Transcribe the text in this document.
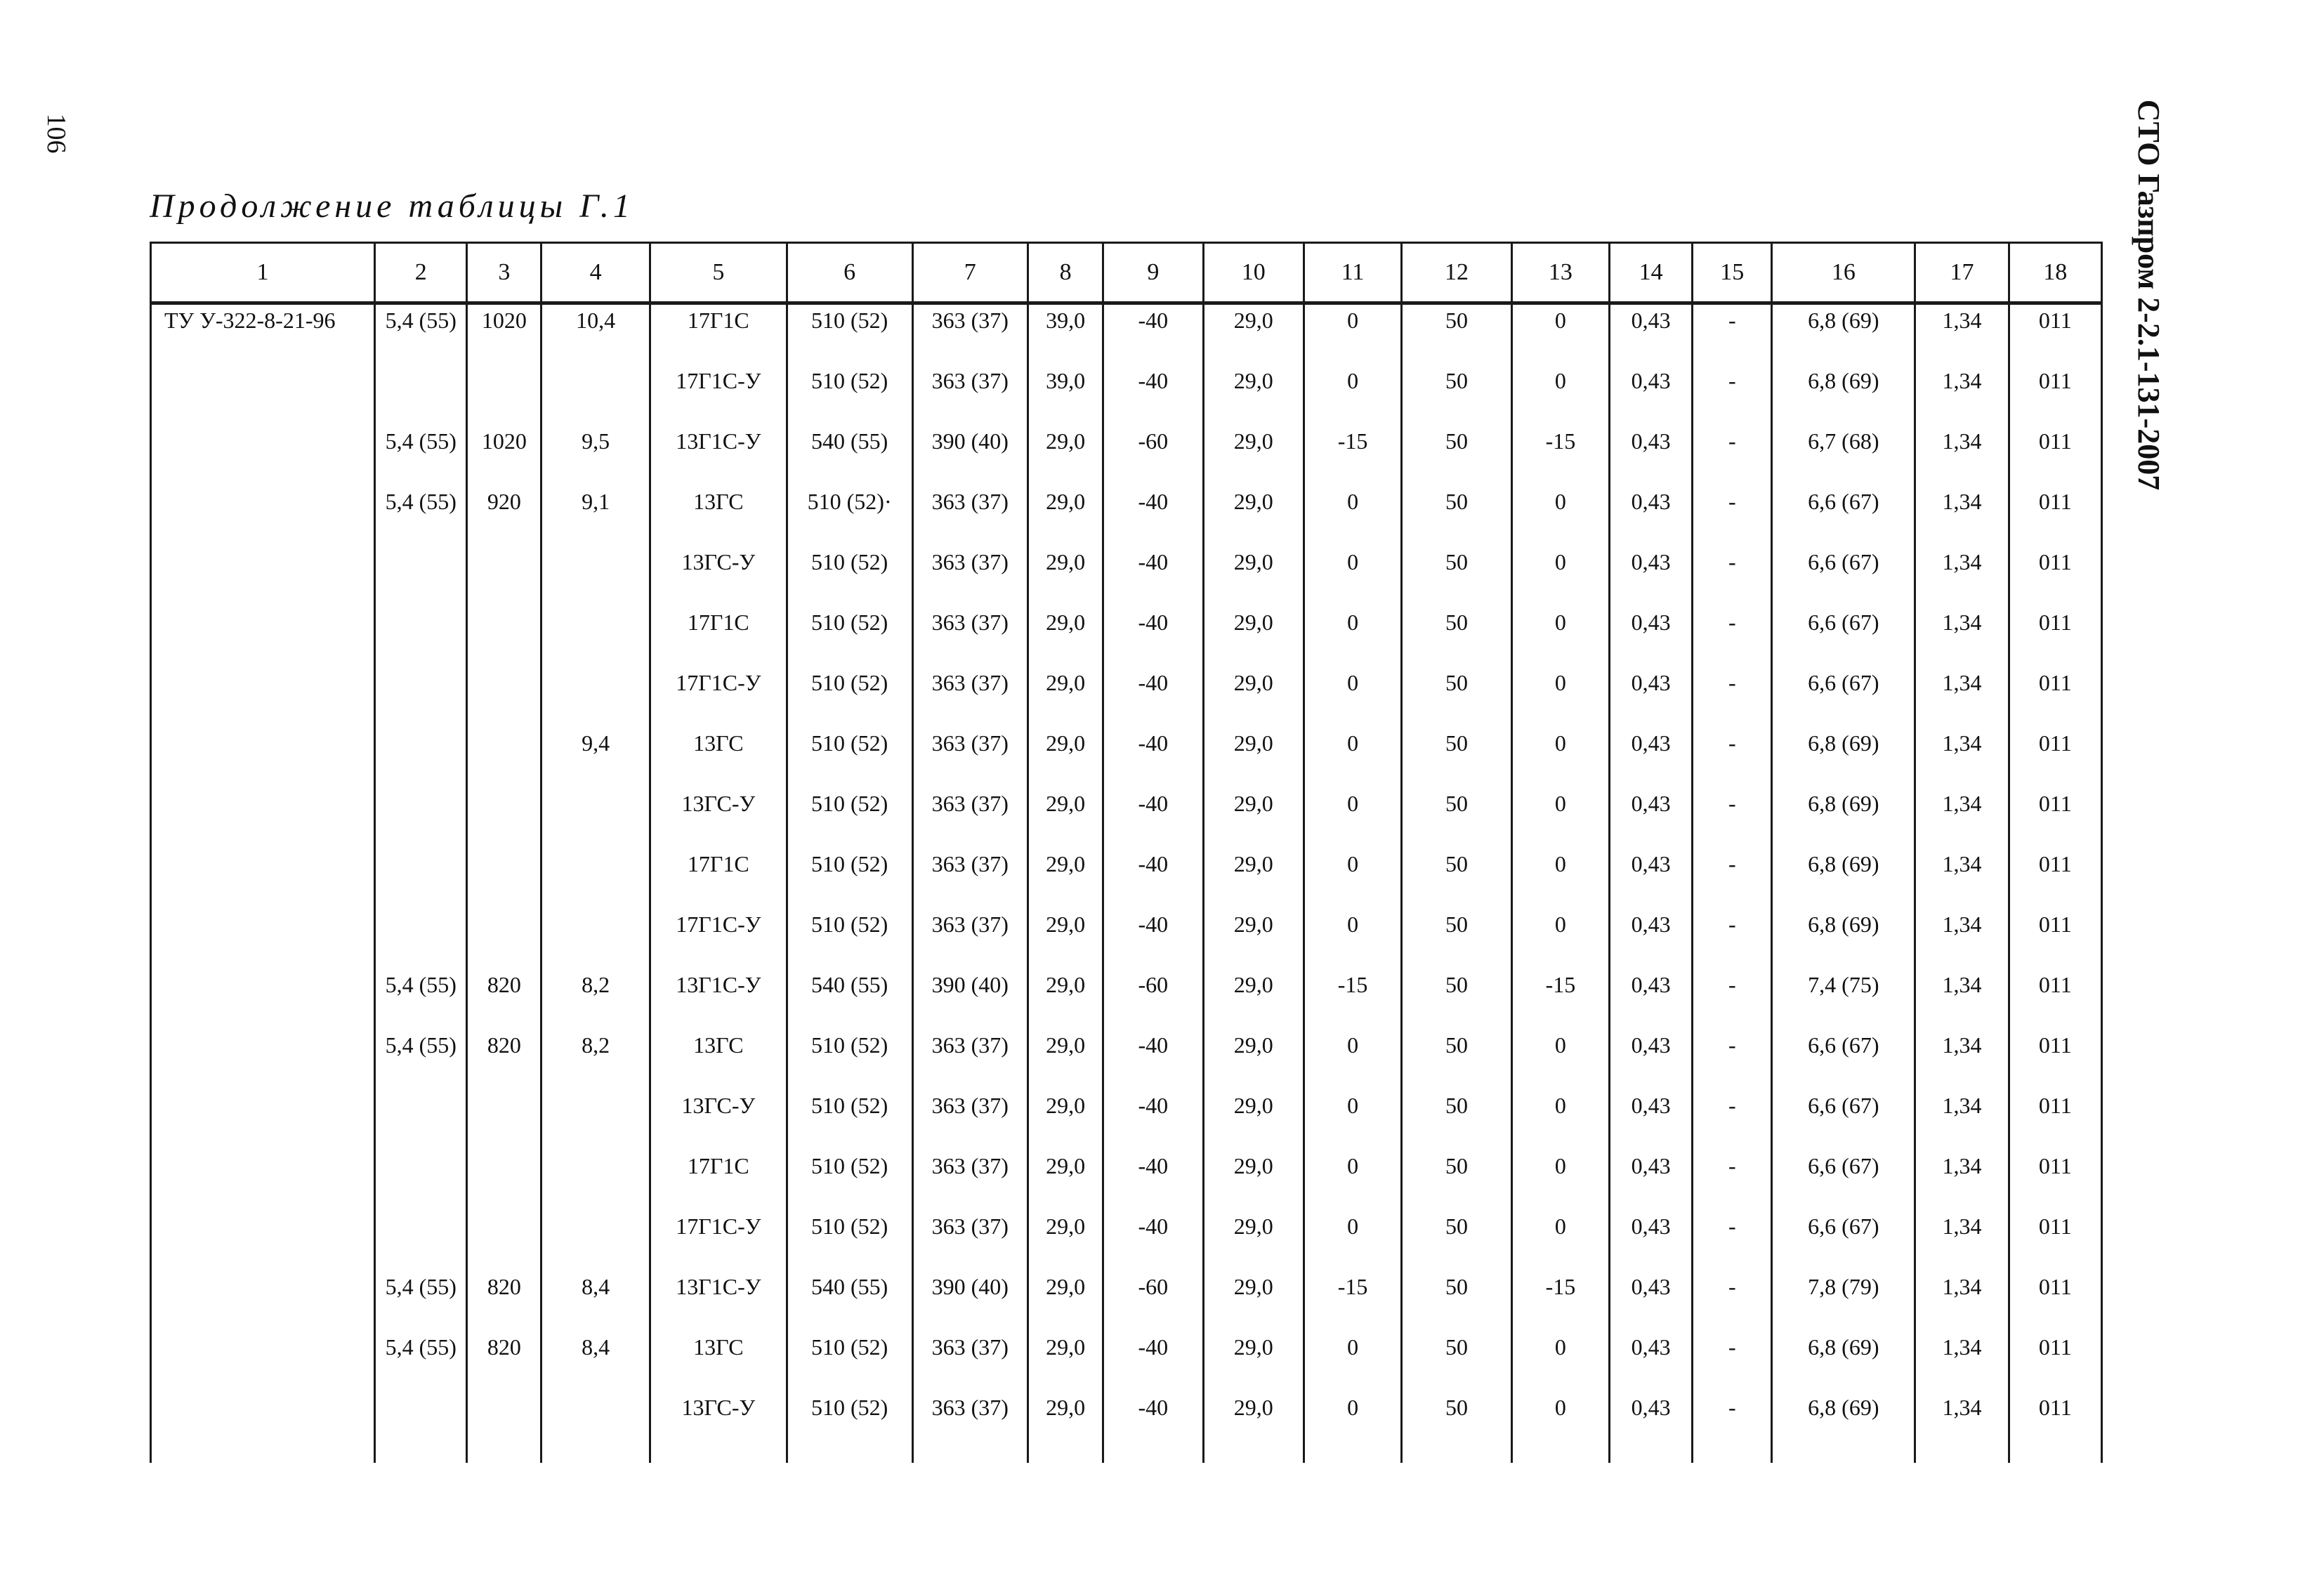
106	СТО Газпром 2-2.1-131-2007
Продолжение таблицы Г.1
1	2	3	4	5	6	7	8	9	10	11	12	13	14	15	16	17	18
ТУ У-322-8-21-96	5,4 (55)	1020	10,4	17Г1С	510 (52)	363 (37)	39,0	-40	29,0	0	50	0	0,43	-	6,8 (69)	1,34	011
				17Г1С-У	510 (52)	363 (37)	39,0	-40	29,0	0	50	0	0,43	-	6,8 (69)	1,34	011
	5,4 (55)	1020	9,5	13Г1С-У	540 (55)	390 (40)	29,0	-60	29,0	-15	50	-15	0,43	-	6,7 (68)	1,34	011
	5,4 (55)	920	9,1	13ГС	510 (52)·	363 (37)	29,0	-40	29,0	0	50	0	0,43	-	6,6 (67)	1,34	011
				13ГС-У	510 (52)	363 (37)	29,0	-40	29,0	0	50	0	0,43	-	6,6 (67)	1,34	011
				17Г1С	510 (52)	363 (37)	29,0	-40	29,0	0	50	0	0,43	-	6,6 (67)	1,34	011
				17Г1С-У	510 (52)	363 (37)	29,0	-40	29,0	0	50	0	0,43	-	6,6 (67)	1,34	011
			9,4	13ГС	510 (52)	363 (37)	29,0	-40	29,0	0	50	0	0,43	-	6,8 (69)	1,34	011
				13ГС-У	510 (52)	363 (37)	29,0	-40	29,0	0	50	0	0,43	-	6,8 (69)	1,34	011
				17Г1С	510 (52)	363 (37)	29,0	-40	29,0	0	50	0	0,43	-	6,8 (69)	1,34	011
				17Г1С-У	510 (52)	363 (37)	29,0	-40	29,0	0	50	0	0,43	-	6,8 (69)	1,34	011
	5,4 (55)	820	8,2	13Г1С-У	540 (55)	390 (40)	29,0	-60	29,0	-15	50	-15	0,43	-	7,4 (75)	1,34	011
	5,4 (55)	820	8,2	13ГС	510 (52)	363 (37)	29,0	-40	29,0	0	50	0	0,43	-	6,6 (67)	1,34	011
				13ГС-У	510 (52)	363 (37)	29,0	-40	29,0	0	50	0	0,43	-	6,6 (67)	1,34	011
				17Г1С	510 (52)	363 (37)	29,0	-40	29,0	0	50	0	0,43	-	6,6 (67)	1,34	011
				17Г1С-У	510 (52)	363 (37)	29,0	-40	29,0	0	50	0	0,43	-	6,6 (67)	1,34	011
	5,4 (55)	820	8,4	13Г1С-У	540 (55)	390 (40)	29,0	-60	29,0	-15	50	-15	0,43	-	7,8 (79)	1,34	011
	5,4 (55)	820	8,4	13ГС	510 (52)	363 (37)	29,0	-40	29,0	0	50	0	0,43	-	6,8 (69)	1,34	011
				13ГС-У	510 (52)	363 (37)	29,0	-40	29,0	0	50	0	0,43	-	6,8 (69)	1,34	011
